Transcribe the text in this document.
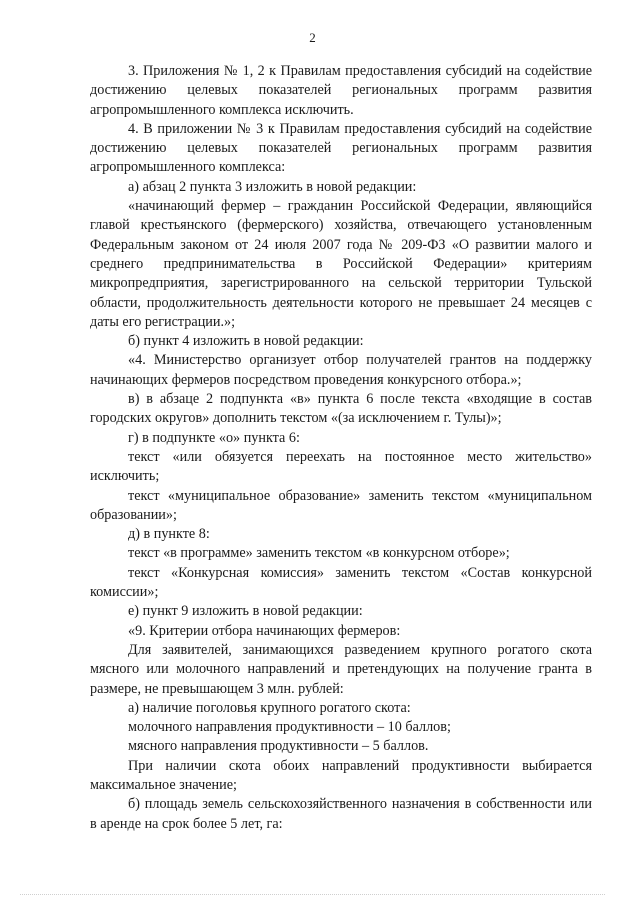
2

3. Приложения № 1, 2 к Правилам предоставления субсидий на содействие достижению целевых показателей региональных программ развития агропромышленного комплекса исключить.

4. В приложении № 3 к Правилам предоставления субсидий на содействие достижению целевых показателей региональных программ развития агропромышленного комплекса:

а) абзац 2 пункта 3 изложить в новой редакции:

«начинающий фермер – гражданин Российской Федерации, являющийся главой крестьянского (фермерского) хозяйства, отвечающего установленным Федеральным законом от 24 июля 2007 года № 209-ФЗ «О развитии малого и среднего предпринимательства в Российской Федерации» критериям микропредприятия, зарегистрированного на сельской территории Тульской области, продолжительность деятельности которого не превышает 24 месяцев с даты его регистрации.»;

б) пункт 4 изложить в новой редакции:

«4. Министерство организует отбор получателей грантов на поддержку начинающих фермеров посредством проведения конкурсного отбора.»;

в) в абзаце 2 подпункта «в» пункта 6 после текста «входящие в состав городских округов» дополнить текстом «(за исключением г. Тулы)»;

г) в подпункте «о» пункта 6:

текст «или обязуется переехать на постоянное место жительство» исключить;

текст «муниципальное образование» заменить текстом «муниципальном образовании»;

д) в пункте 8:

текст «в программе» заменить текстом «в конкурсном отборе»;

текст «Конкурсная комиссия» заменить текстом «Состав конкурсной комиссии»;

е) пункт 9 изложить в новой редакции:

«9. Критерии отбора начинающих фермеров:

Для заявителей, занимающихся разведением крупного рогатого скота мясного или молочного направлений и претендующих на получение гранта в размере, не превышающем 3 млн. рублей:

а) наличие поголовья крупного рогатого скота:

молочного направления продуктивности – 10 баллов;

мясного направления продуктивности – 5 баллов.

При наличии скота обоих направлений продуктивности выбирается максимальное значение;

б) площадь земель сельскохозяйственного назначения в собственности или в аренде на срок более 5 лет, га:
